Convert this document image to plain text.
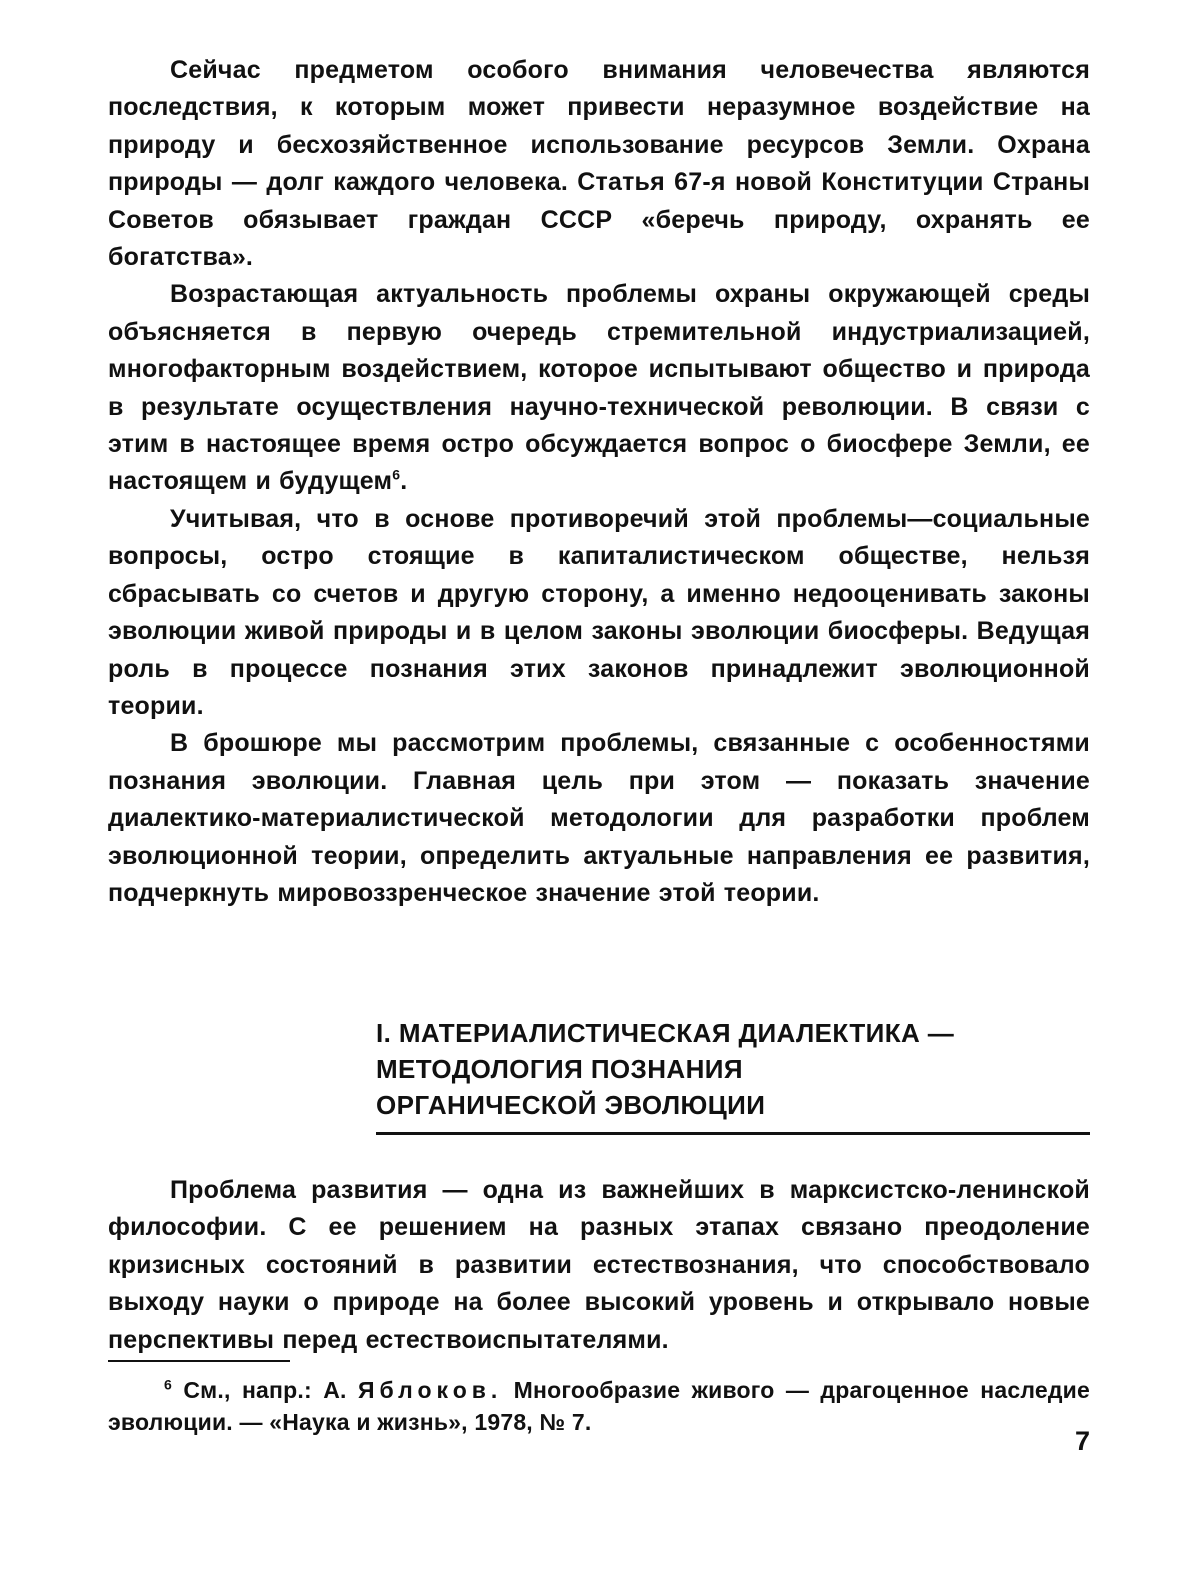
Сейчас предметом особого внимания человечества являются последствия, к которым может привести неразумное воздействие на природу и бесхозяйственное использование ресурсов Земли. Охрана природы — долг каждого человека. Статья 67-я новой Конституции Страны Советов обязывает граждан СССР «беречь природу, охранять ее богатства».

Возрастающая актуальность проблемы охраны окружающей среды объясняется в первую очередь стремительной индустриализацией, многофакторным воздействием, которое испытывают общество и природа в результате осуществления научно-технической революции. В связи с этим в настоящее время остро обсуждается вопрос о биосфере Земли, ее настоящем и будущем$^6$.

Учитывая, что в основе противоречий этой проблемы—социальные вопросы, остро стоящие в капиталистическом обществе, нельзя сбрасывать со счетов и другую сторону, а именно недооценивать законы эволюции живой природы и в целом законы эволюции биосферы. Ведущая роль в процессе познания этих законов принадлежит эволюционной теории.

В брошюре мы рассмотрим проблемы, связанные с особенностями познания эволюции. Главная цель при этом — показать значение диалектико-материалистической методологии для разработки проблем эволюционной теории, определить актуальные направления ее развития, подчеркнуть мировоззренческое значение этой теории.

I. МАТЕРИАЛИСТИЧЕСКАЯ ДИАЛЕКТИКА —

МЕТОДОЛОГИЯ ПОЗНАНИЯ

ОРГАНИЧЕСКОЙ ЭВОЛЮЦИИ

Проблема развития — одна из важнейших в марксистско-ленинской философии. С ее решением на разных этапах связано преодоление кризисных состояний в развитии естествознания, что способствовало выходу науки о природе на более высокий уровень и открывало новые перспективы перед естествоиспытателями.

$^6$ См., напр.: А. Яблоков. Многообразие живого — драгоценное наследие эволюции. — «Наука и жизнь», 1978, № 7.

7
